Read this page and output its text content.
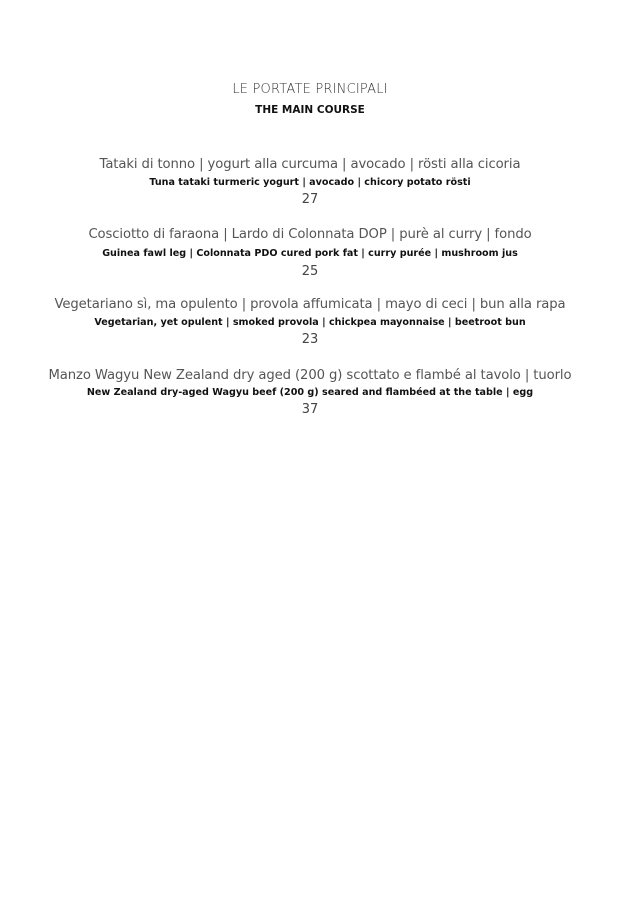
LE PORTATE PRINCIPALI
THE MAIN COURSE
Tataki di tonno | yogurt alla curcuma | avocado | rösti alla cicoria
Tuna tataki turmeric yogurt | avocado | chicory potato rösti
27
Cosciotto di faraona | Lardo di Colonnata DOP | purè al curry | fondo
Guinea fawl leg | Colonnata PDO cured pork fat | curry purée | mushroom jus
25
Vegetariano sì, ma opulento | provola affumicata | mayo di ceci | bun alla rapa
Vegetarian, yet opulent | smoked provola | chickpea mayonnaise | beetroot bun
23
Manzo Wagyu New Zealand dry aged (200 g) scottato e flambé al tavolo | tuorlo
New Zealand dry-aged Wagyu beef (200 g) seared and flambéed at the table | egg
37
